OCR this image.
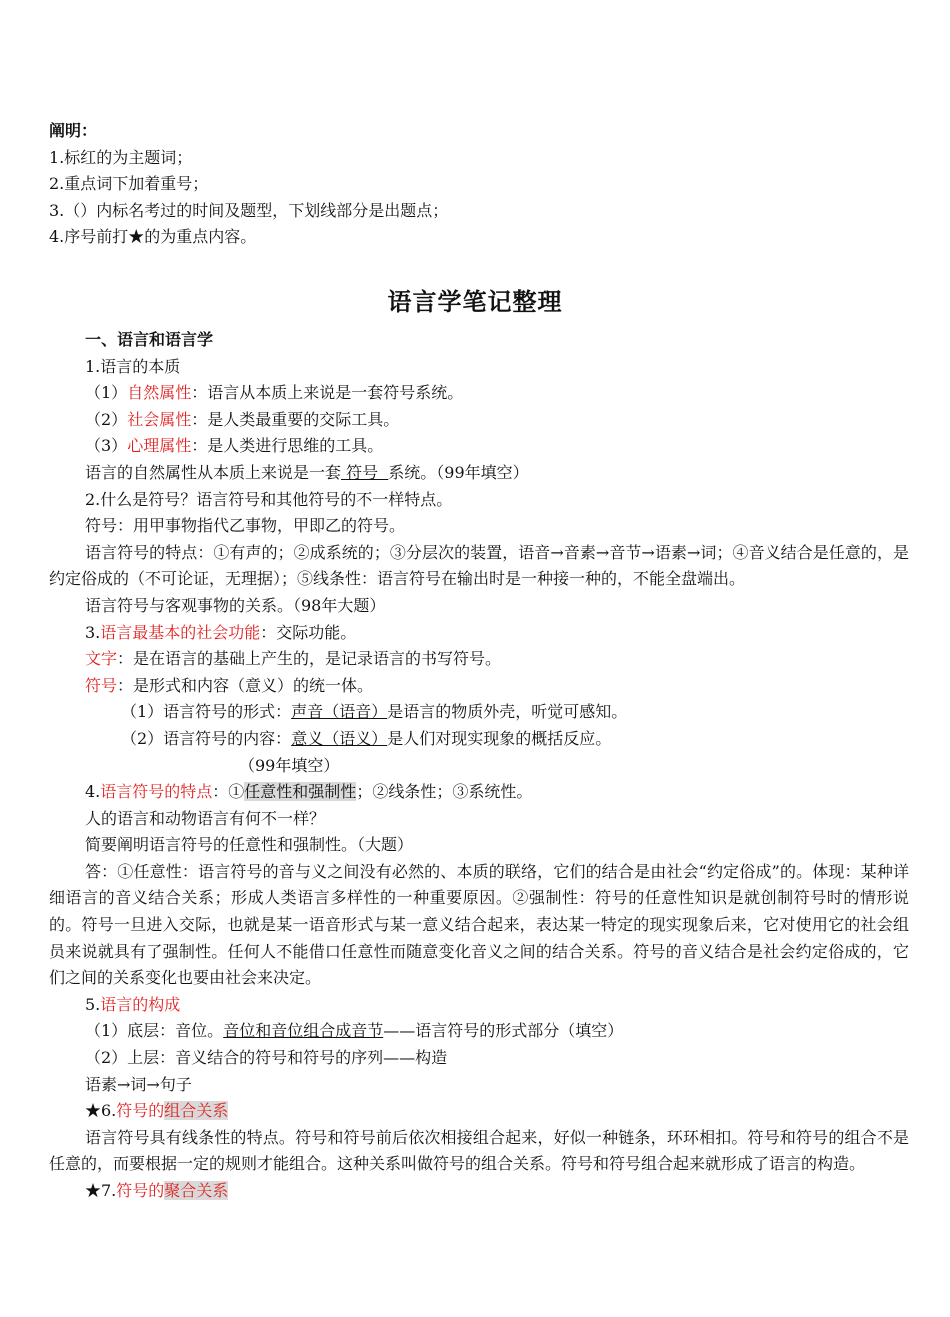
阐明：
1.标红的为主题词；
2.重点词下加着重号；
3.（）内标名考过的时间及题型，下划线部分是出题点；
4.序号前打★的为重点内容。
语言学笔记整理
一、语言和语言学
1.语言的本质
（1）自然属性：语言从本质上来说是一套符号系统。
（2）社会属性：是人类最重要的交际工具。
（3）心理属性：是人类进行思维的工具。
语言的自然属性从本质上来说是一套 符号  系统。（99年填空）
2.什么是符号？语言符号和其他符号的不一样特点。
符号：用甲事物指代乙事物，甲即乙的符号。
语言符号的特点：①有声的；②成系统的；③分层次的装置，语音→音素→音节→语素→词；④音义结合是任意的，是约定俗成的（不可论证，无理据）；⑤线条性：语言符号在输出时是一种接一种的，不能全盘端出。
语言符号与客观事物的关系。（98年大题）
3.语言最基本的社会功能：交际功能。
文字：是在语言的基础上产生的，是记录语言的书写符号。
符号：是形式和内容（意义）的统一体。
（1）语言符号的形式：声音（语音）是语言的物质外壳，听觉可感知。
（2）语言符号的内容：意义（语义）是人们对现实现象的概括反应。
（99年填空）
4.语言符号的特点：①任意性和强制性；②线条性；③系统性。
人的语言和动物语言有何不一样？
简要阐明语言符号的任意性和强制性。（大题）
答：①任意性：语言符号的音与义之间没有必然的、本质的联络，它们的结合是由社会“约定俗成”的。体现：某种详细语言的音义结合关系；形成人类语言多样性的一种重要原因。②强制性：符号的任意性知识是就创制符号时的情形说的。符号一旦进入交际，也就是某一语音形式与某一意义结合起来，表达某一特定的现实现象后来，它对使用它的社会组员来说就具有了强制性。任何人不能借口任意性而随意变化音义之间的结合关系。符号的音义结合是社会约定俗成的，它们之间的关系变化也要由社会来决定。
5.语言的构成
（1）底层：音位。音位和音位组合成音节——语言符号的形式部分（填空）
（2）上层：音义结合的符号和符号的序列——构造
语素→词→句子
★6.符号的组合关系
语言符号具有线条性的特点。符号和符号前后依次相接组合起来，好似一种链条，环环相扣。符号和符号的组合不是任意的，而要根据一定的规则才能组合。这种关系叫做符号的组合关系。符号和符号组合起来就形成了语言的构造。
★7.符号的聚合关系
